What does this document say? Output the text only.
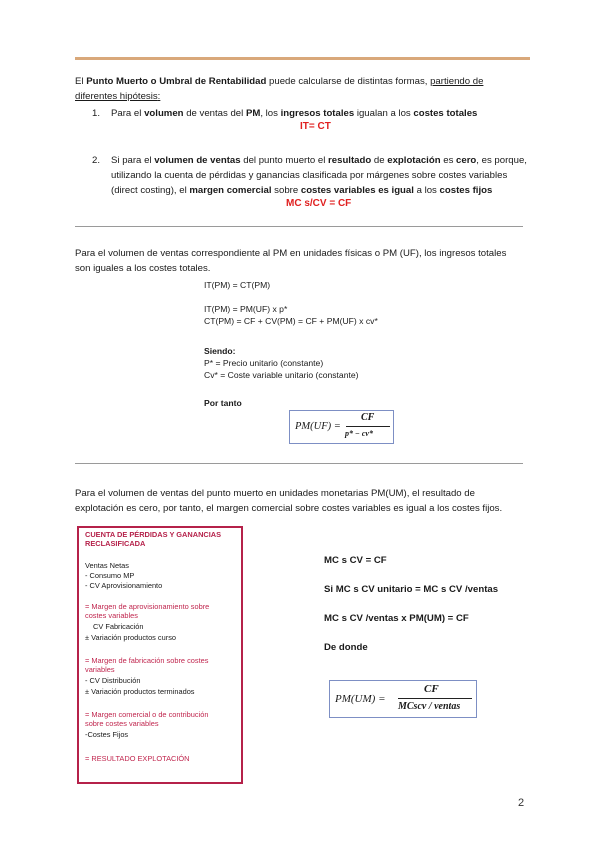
El Punto Muerto o Umbral de Rentabilidad puede calcularse de distintas formas, partiendo de
diferentes hipótesis:
1. Para el volumen de ventas del PM, los ingresos totales igualan a los costes totales
IT= CT
2. Si para el volumen de ventas del punto muerto el resultado de explotación es cero, es porque,
utilizando la cuenta de pérdidas y ganancias clasificada por márgenes sobre costes variables
(direct costing), el margen comercial sobre costes variables es igual a los costes fijos
MC s/CV = CF
Para el volumen de ventas correspondiente al PM en unidades físicas o PM (UF), los ingresos totales
son iguales a los costes totales.
IT(PM) = CT(PM)
IT(PM) = PM(UF) x p*
CT(PM) = CF + CV(PM) = CF + PM(UF) x cv*
Siendo:
P* = Precio unitario (constante)
Cv* = Coste variable unitario (constante)
Por tanto
PM(UF) =
CF
p* − cv*
Para el volumen de ventas del punto muerto en unidades monetarias PM(UM), el resultado de
explotación es cero, por tanto, el margen comercial sobre costes variables es igual a los costes fijos.
CUENTA DE PÉRDIDAS Y GANANCIAS
RECLASIFICADA
Ventas Netas
- Consumo MP
- CV Aprovisionamiento
= Margen de aprovisionamiento sobre
costes variables
CV Fabricación
± Variación productos curso
= Margen de fabricación sobre costes
variables
- CV Distribución
± Variación productos terminados
= Margen comercial o de contribución
sobre costes variables
-Costes Fijos
= RESULTADO EXPLOTACIÓN
MC s CV = CF
Si MC s CV unitario = MC s CV /ventas
MC s CV /ventas x PM(UM) = CF
De donde
PM(UM) =
CF
MCscv / ventas
2
